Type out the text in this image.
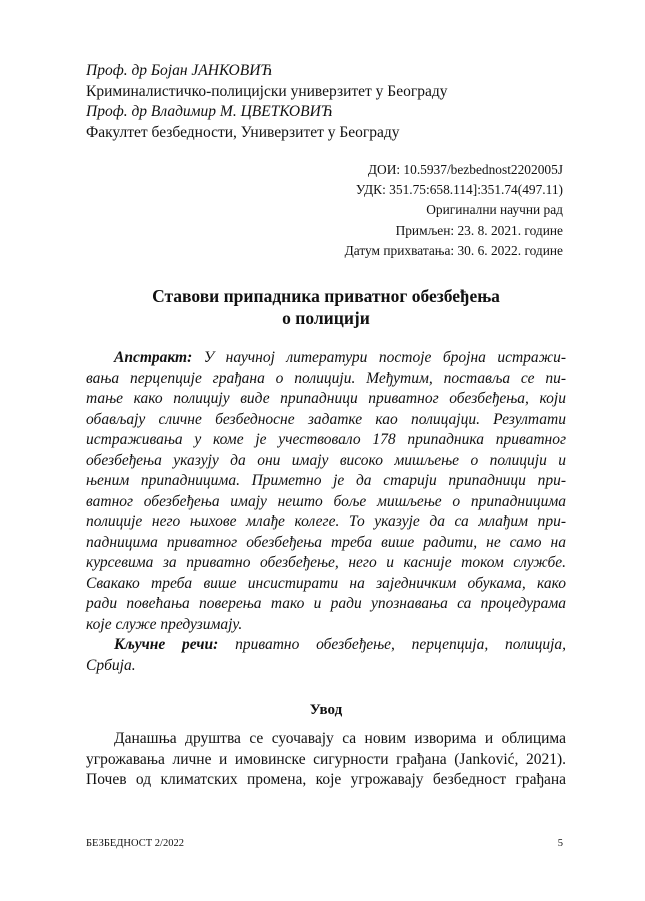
Проф. др Бојан ЈАНКОВИЋ
Криминалистичко-полицијски универзитет у Београду
Проф. др Владимир М. ЦВЕТКОВИЋ
Факултет безбедности, Универзитет у Београду
ДОИ: 10.5937/bezbednost2202005J
УДК: 351.75:658.114]:351.74(497.11)
Оригинални научни рад
Примљен: 23. 8. 2021. године
Датум прихватања: 30. 6. 2022. године
Ставови припадника приватног обезбеђења
о полицији
Апстракт: У научној литератури постоје бројна истражи-
вања перцепције грађана о полицији. Међутим, поставља се пи-
тање како полицију виде припадници приватног обезбеђења, који
обављају сличне безбедносне задатке као полицајци. Резултати
истраживања у коме је учествовало 178 припадника приватног
обезбеђења указују да они имају високо мишљење о полицији и
њеним припадницима. Приметно је да старији припадници при-
ватног обезбеђења имају нешто боље мишљење о припадницима
полиције него њихове млађе колеге. То указује да са млађим при-
падницима приватног обезбеђења треба више радити, не само на
курсевима за приватно обезбеђење, него и касније током службе.
Свакако треба више инсистирати на заједничким обукама, како
ради повећања поверења тако и ради упознавања са процедурама
које служе предузимају.
Кључне речи: приватно обезбеђење, перцепција, полиција,
Србија.
Увод
Данашња друштва се суочавају са новим изворима и облицима
угрожавања личне и имовинске сигурности грађана (Janković, 2021).
Почев од климатских промена, које угрожавају безбедност грађана
БЕЗБЕДНОСТ 2/2022	5
